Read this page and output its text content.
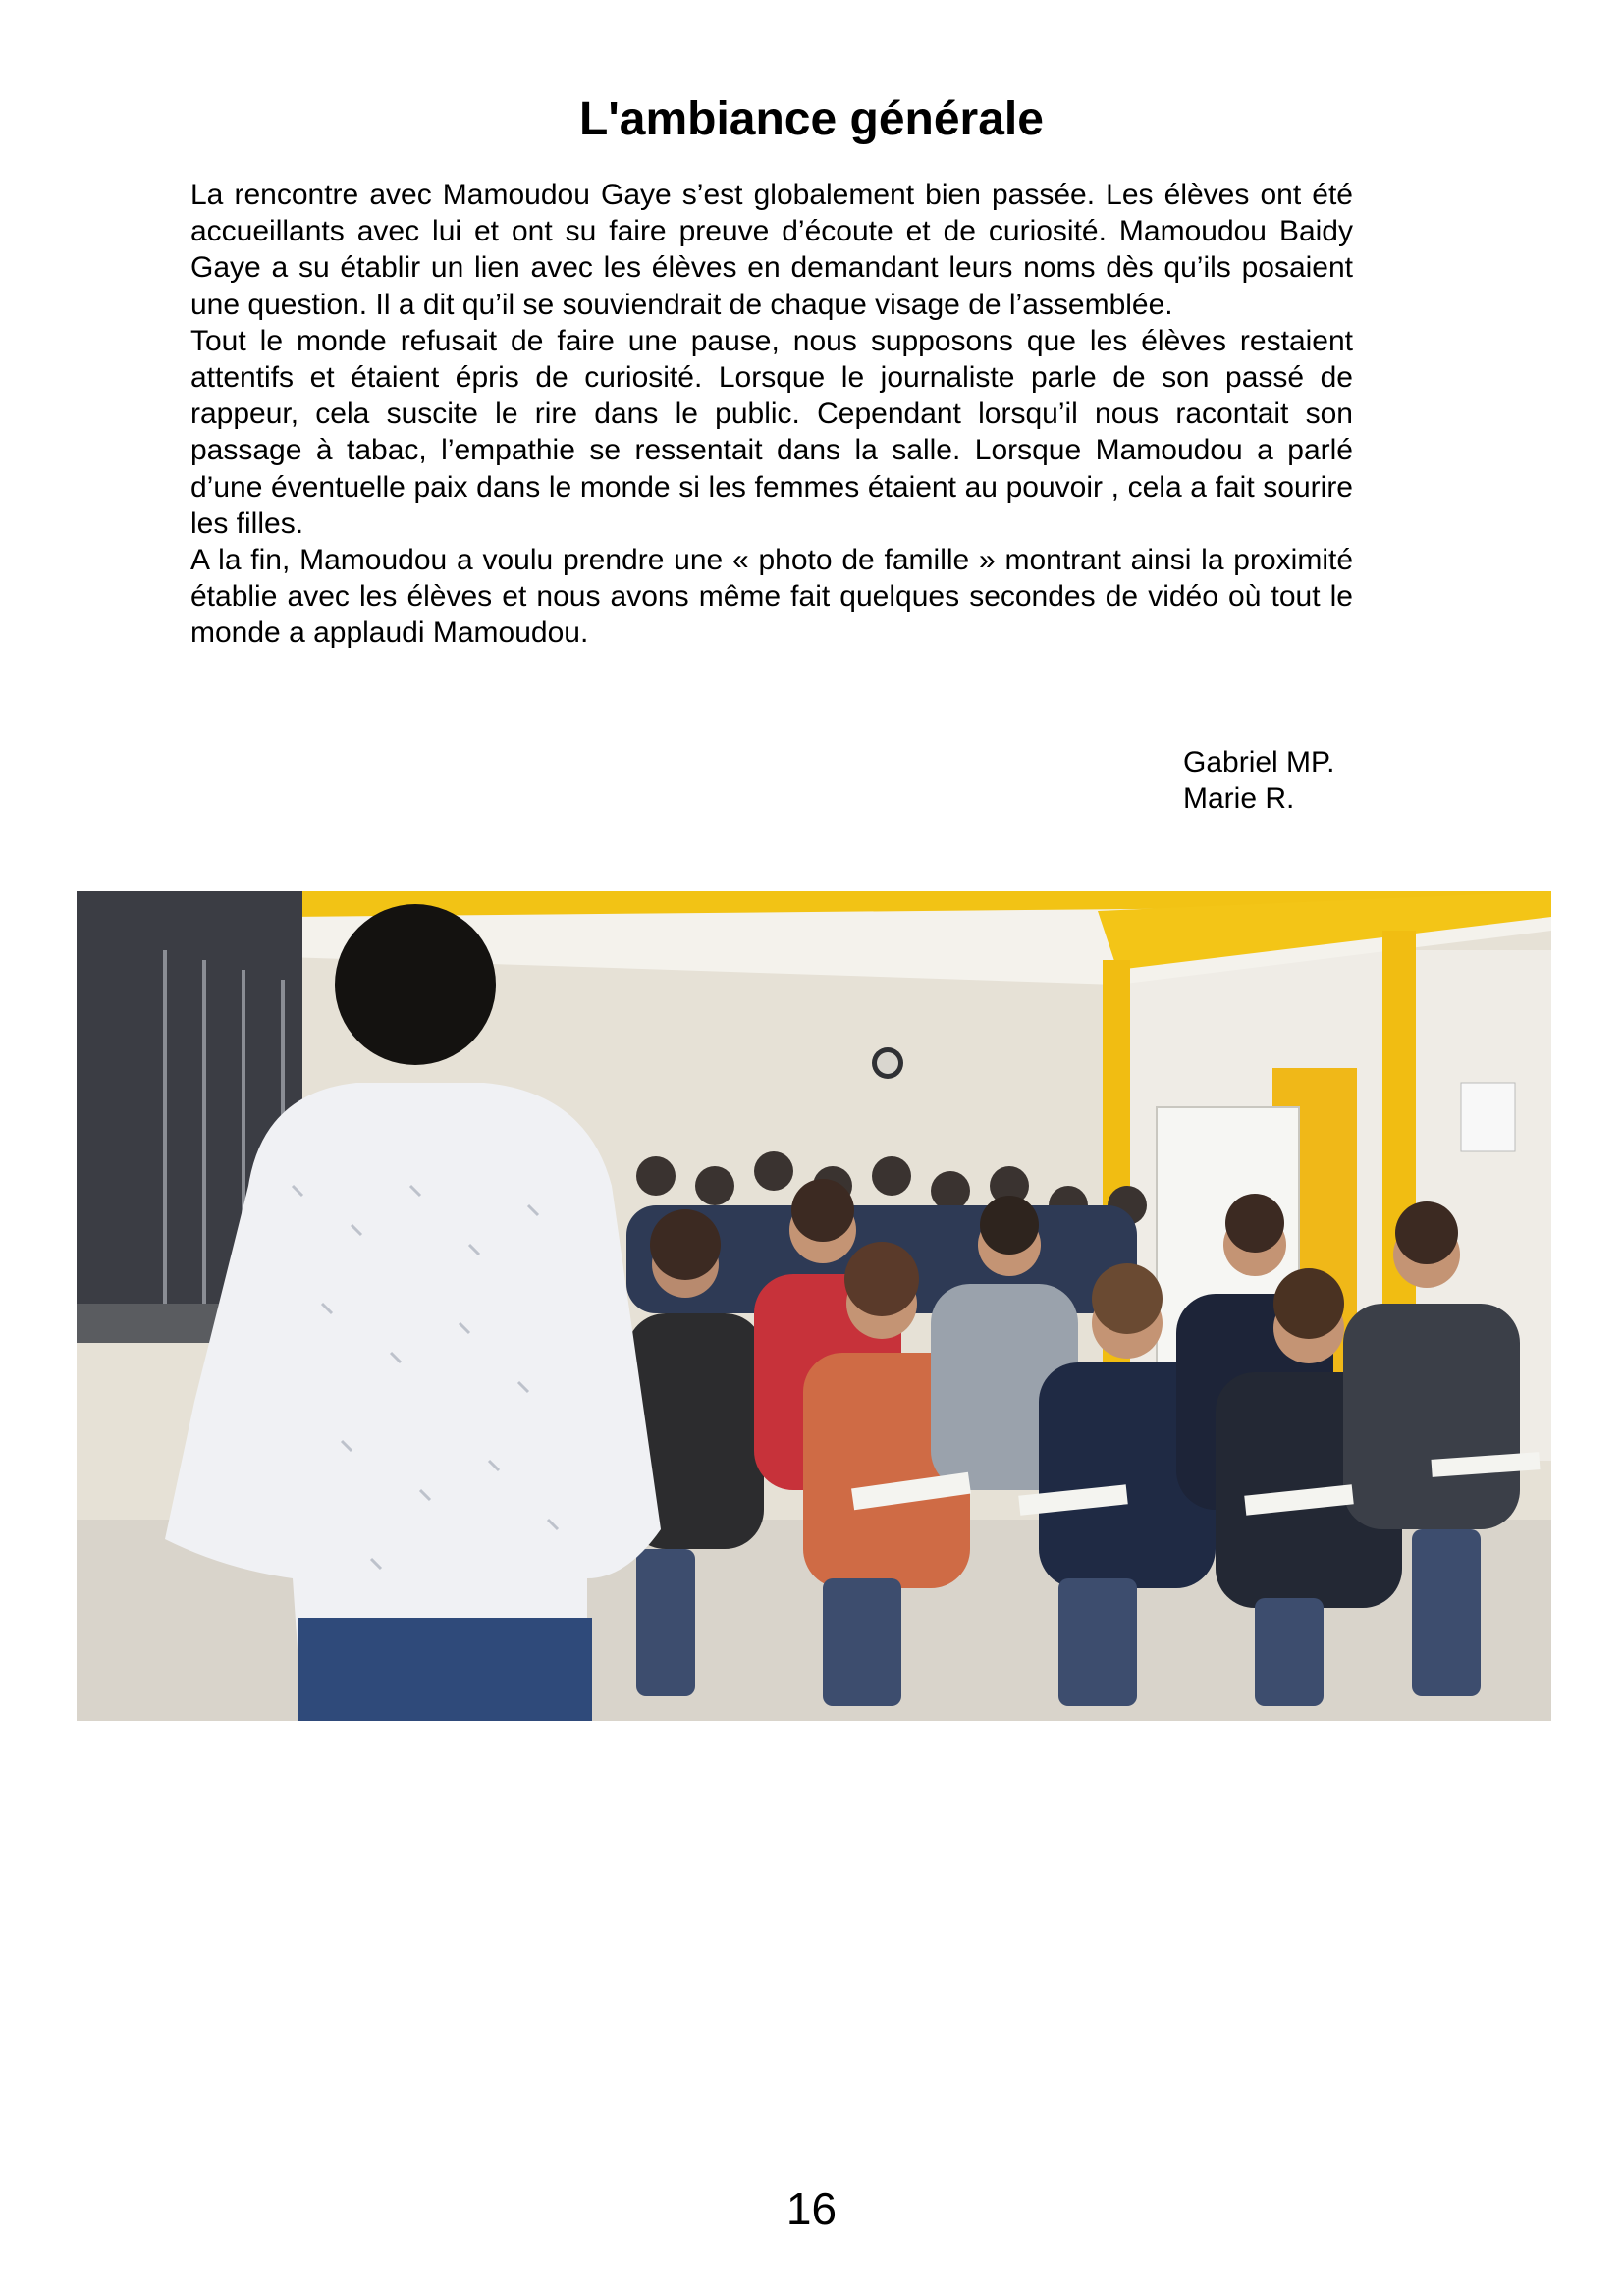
L'ambiance générale

La rencontre avec Mamoudou Gaye s’est globalement bien passée. Les élèves ont été accueillants avec lui et ont su faire preuve d’écoute et de curiosité. Mamoudou Baidy Gaye a su établir un lien avec les élèves en demandant leurs noms dès qu’ils posaient une question. Il a dit qu’il se souviendrait de chaque visage de l’assemblée.

Tout le monde refusait de faire une pause, nous supposons que les élèves restaient attentifs et étaient épris de curiosité. Lorsque le journaliste parle de son passé de rappeur, cela suscite le rire dans le public. Cependant lorsqu’il nous racontait son passage à tabac, l’empathie se ressentait dans la salle. Lorsque Mamoudou a parlé d’une éventuelle paix dans le monde si les femmes étaient au pouvoir , cela a fait sourire les filles.

A la fin, Mamoudou a voulu prendre une « photo de famille » montrant ainsi la proximité établie avec les élèves et nous avons même fait quelques secondes de vidéo où tout le monde a applaudi Mamoudou.

Gabriel MP.
Marie R.
16
